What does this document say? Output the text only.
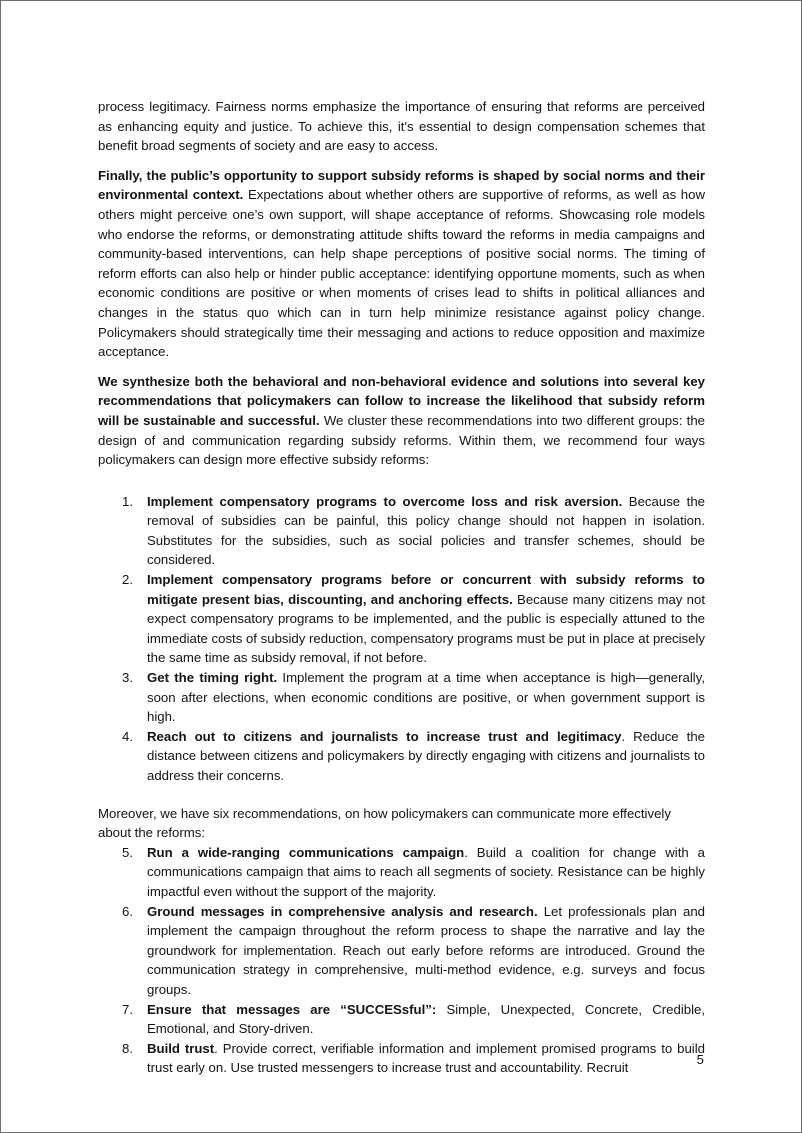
process legitimacy. Fairness norms emphasize the importance of ensuring that reforms are perceived as enhancing equity and justice. To achieve this, it's essential to design compensation schemes that benefit broad segments of society and are easy to access.

Finally, the public’s opportunity to support subsidy reforms is shaped by social norms and their environmental context. Expectations about whether others are supportive of reforms, as well as how others might perceive one’s own support, will shape acceptance of reforms. Showcasing role models who endorse the reforms, or demonstrating attitude shifts toward the reforms in media campaigns and community-based interventions, can help shape perceptions of positive social norms. The timing of reform efforts can also help or hinder public acceptance: identifying opportune moments, such as when economic conditions are positive or when moments of crises lead to shifts in political alliances and changes in the status quo which can in turn help minimize resistance against policy change. Policymakers should strategically time their messaging and actions to reduce opposition and maximize acceptance.

We synthesize both the behavioral and non-behavioral evidence and solutions into several key recommendations that policymakers can follow to increase the likelihood that subsidy reform will be sustainable and successful. We cluster these recommendations into two different groups: the design of and communication regarding subsidy reforms. Within them, we recommend four ways policymakers can design more effective subsidy reforms:

1. Implement compensatory programs to overcome loss and risk aversion. Because the removal of subsidies can be painful, this policy change should not happen in isolation. Substitutes for the subsidies, such as social policies and transfer schemes, should be considered.
2. Implement compensatory programs before or concurrent with subsidy reforms to mitigate present bias, discounting, and anchoring effects. Because many citizens may not expect compensatory programs to be implemented, and the public is especially attuned to the immediate costs of subsidy reduction, compensatory programs must be put in place at precisely the same time as subsidy removal, if not before.
3. Get the timing right. Implement the program at a time when acceptance is high—generally, soon after elections, when economic conditions are positive, or when government support is high.
4. Reach out to citizens and journalists to increase trust and legitimacy. Reduce the distance between citizens and policymakers by directly engaging with citizens and journalists to address their concerns.

Moreover, we have six recommendations, on how policymakers can communicate more effectively about the reforms:

5. Run a wide-ranging communications campaign. Build a coalition for change with a communications campaign that aims to reach all segments of society. Resistance can be highly impactful even without the support of the majority.
6. Ground messages in comprehensive analysis and research. Let professionals plan and implement the campaign throughout the reform process to shape the narrative and lay the groundwork for implementation. Reach out early before reforms are introduced. Ground the communication strategy in comprehensive, multi-method evidence, e.g. surveys and focus groups.
7. Ensure that messages are “SUCCESsful”: Simple, Unexpected, Concrete, Credible, Emotional, and Story-driven.
8. Build trust. Provide correct, verifiable information and implement promised programs to build trust early on. Use trusted messengers to increase trust and accountability. Recruit
5
